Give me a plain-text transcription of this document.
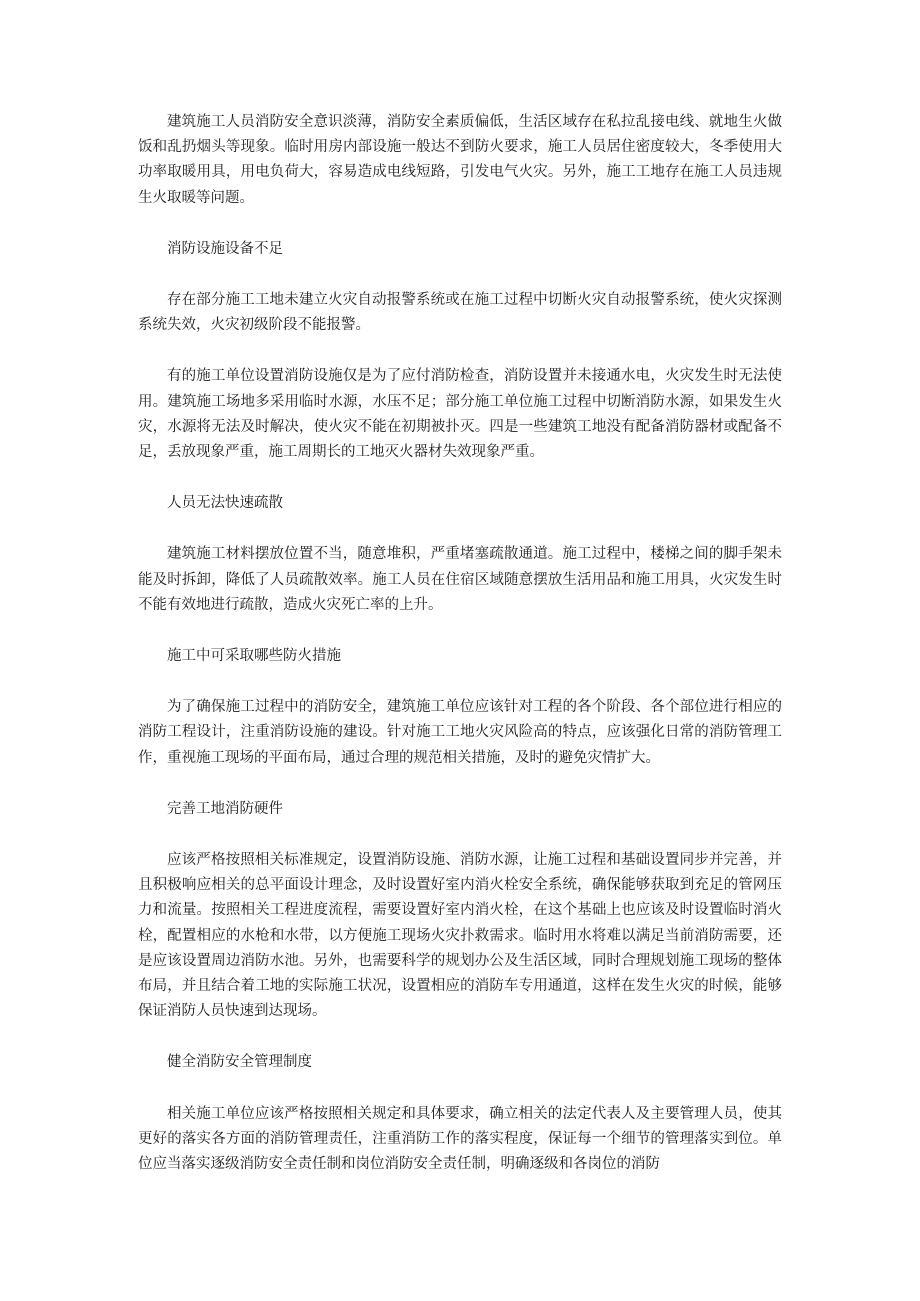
建筑施工人员消防安全意识淡薄，消防安全素质偏低，生活区域存在私拉乱接电线、就地生火做饭和乱扔烟头等现象。临时用房内部设施一般达不到防火要求，施工人员居住密度较大，冬季使用大功率取暖用具，用电负荷大，容易造成电线短路，引发电气火灾。另外，施工工地存在施工人员违规生火取暖等问题。

消防设施设备不足

存在部分施工工地未建立火灾自动报警系统或在施工过程中切断火灾自动报警系统，使火灾探测系统失效，火灾初级阶段不能报警。

有的施工单位设置消防设施仅是为了应付消防检查，消防设置并未接通水电，火灾发生时无法使用。建筑施工场地多采用临时水源，水压不足；部分施工单位施工过程中切断消防水源，如果发生火灾，水源将无法及时解决，使火灾不能在初期被扑灭。四是一些建筑工地没有配备消防器材或配备不足，丢放现象严重，施工周期长的工地灭火器材失效现象严重。

人员无法快速疏散

建筑施工材料摆放位置不当，随意堆积，严重堵塞疏散通道。施工过程中，楼梯之间的脚手架未能及时拆卸，降低了人员疏散效率。施工人员在住宿区域随意摆放生活用品和施工用具，火灾发生时不能有效地进行疏散，造成火灾死亡率的上升。

施工中可采取哪些防火措施

为了确保施工过程中的消防安全，建筑施工单位应该针对工程的各个阶段、各个部位进行相应的消防工程设计，注重消防设施的建设。针对施工工地火灾风险高的特点，应该强化日常的消防管理工作，重视施工现场的平面布局，通过合理的规范相关措施，及时的避免灾情扩大。

完善工地消防硬件

应该严格按照相关标准规定，设置消防设施、消防水源，让施工过程和基础设置同步并完善，并且积极响应相关的总平面设计理念，及时设置好室内消火栓安全系统，确保能够获取到充足的管网压力和流量。按照相关工程进度流程，需要设置好室内消火栓，在这个基础上也应该及时设置临时消火栓，配置相应的水枪和水带，以方便施工现场火灾扑救需求。临时用水将难以满足当前消防需要，还是应该设置周边消防水池。另外，也需要科学的规划办公及生活区域，同时合理规划施工现场的整体布局，并且结合着工地的实际施工状况，设置相应的消防车专用通道，这样在发生火灾的时候，能够保证消防人员快速到达现场。

健全消防安全管理制度

相关施工单位应该严格按照相关规定和具体要求，确立相关的法定代表人及主要管理人员，使其更好的落实各方面的消防管理责任，注重消防工作的落实程度，保证每一个细节的管理落实到位。单位应当落实逐级消防安全责任制和岗位消防安全责任制，明确逐级和各岗位的消防
